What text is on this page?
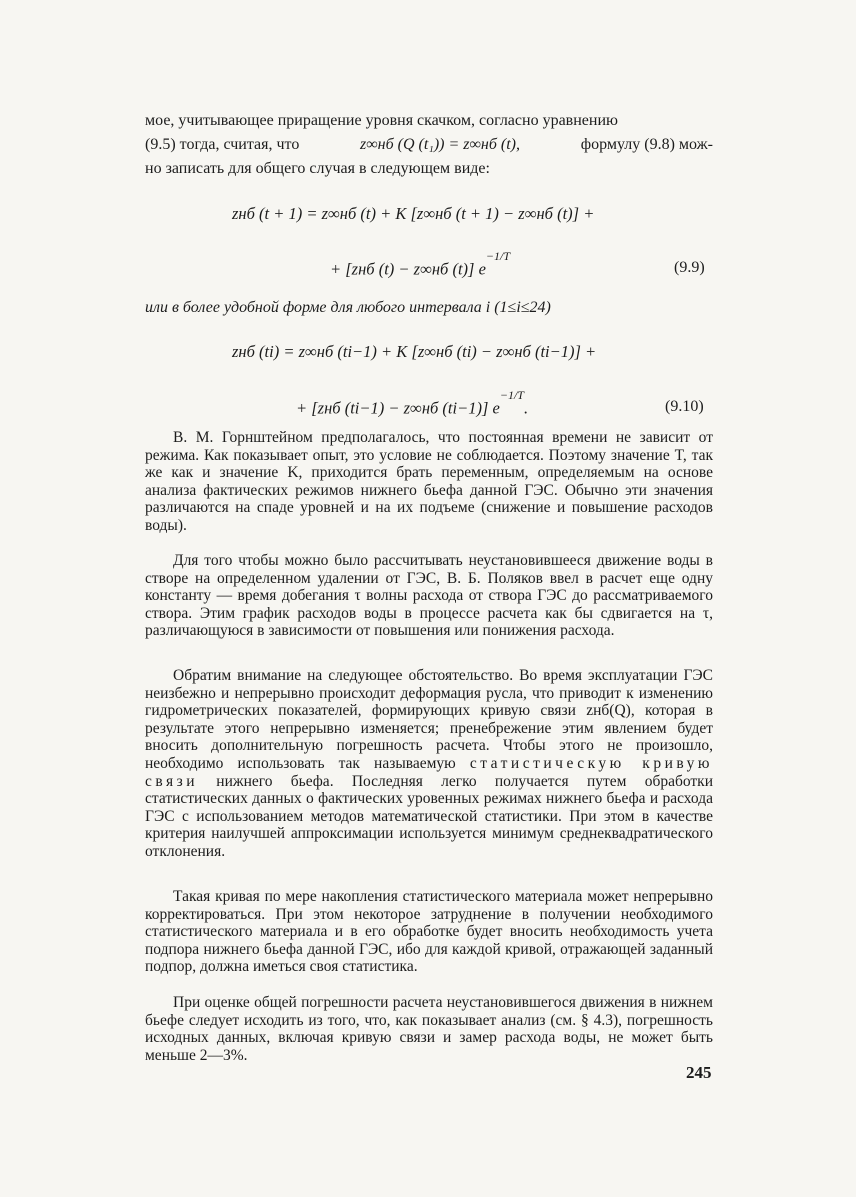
мое, учитывающее приращение уровня скачком, согласно уравнению
(9.5) тогда, считая, что	z∞нб (Q (t₁)) = z∞нб (t),	формулу (9.8) мож-
но записать для общего случая в следующем виде:
zнб (t + 1) = z∞нб (t) + K [z∞нб (t + 1) − z∞нб (t)] +
+ [zнб (t) − z∞нб (t)] $e^{-1/T}$
(9.9)
или в более удобной форме для любого интервала i (1≤i≤24)
zнб (ti) = z∞нб (ti−1) + K [z∞нб (ti) − z∞нб (ti−1)] +
+ [zнб (ti−1) − z∞нб (ti−1)] $e^{-1/T}$.	(9.10)

В. М. Горнштейном предполагалось, что постоянная времени не зависит от режима. Как показывает опыт, это условие не соблюдается. Поэтому значение T, так же как и значение K, приходится брать переменным, определяемым на основе анализа фактических режимов нижнего бьефа данной ГЭС. Обычно эти значения различаются на спаде уровней и на их подъеме (снижение и повышение расходов воды).

Для того чтобы можно было рассчитывать неустановившееся движение воды в створе на определенном удалении от ГЭС, В. Б. Поляков ввел в расчет еще одну константу — время добегания τ волны расхода от створа ГЭС до рассматриваемого створа. Этим график расходов воды в процессе расчета как бы сдвигается на τ, различающуюся в зависимости от повышения или понижения расхода.

Обратим внимание на следующее обстоятельство. Во время эксплуатации ГЭС неизбежно и непрерывно происходит деформация русла, что приводит к изменению гидрометрических показателей, формирующих кривую связи zнб(Q), которая в результате этого непрерывно изменяется; пренебрежение этим явлением будет вносить дополнительную погрешность расчета. Чтобы этого не произошло, необходимо использовать так называемую статистическую кривую связи нижнего бьефа. Последняя легко получается путем обработки статистических данных о фактических уровенных режимах нижнего бьефа и расхода ГЭС с использованием методов математической статистики. При этом в качестве критерия наилучшей аппроксимации используется минимум среднеквадратического отклонения.

Такая кривая по мере накопления статистического материала может непрерывно корректироваться. При этом некоторое затруднение в получении необходимого статистического материала и в его обработке будет вносить необходимость учета подпора нижнего бьефа данной ГЭС, ибо для каждой кривой, отражающей заданный подпор, должна иметься своя статистика.

При оценке общей погрешности расчета неустановившегося движения в нижнем бьефе следует исходить из того, что, как показывает анализ (см. § 4.3), погрешность исходных данных, включая кривую связи и замер расхода воды, не может быть меньше 2—3%.

245
